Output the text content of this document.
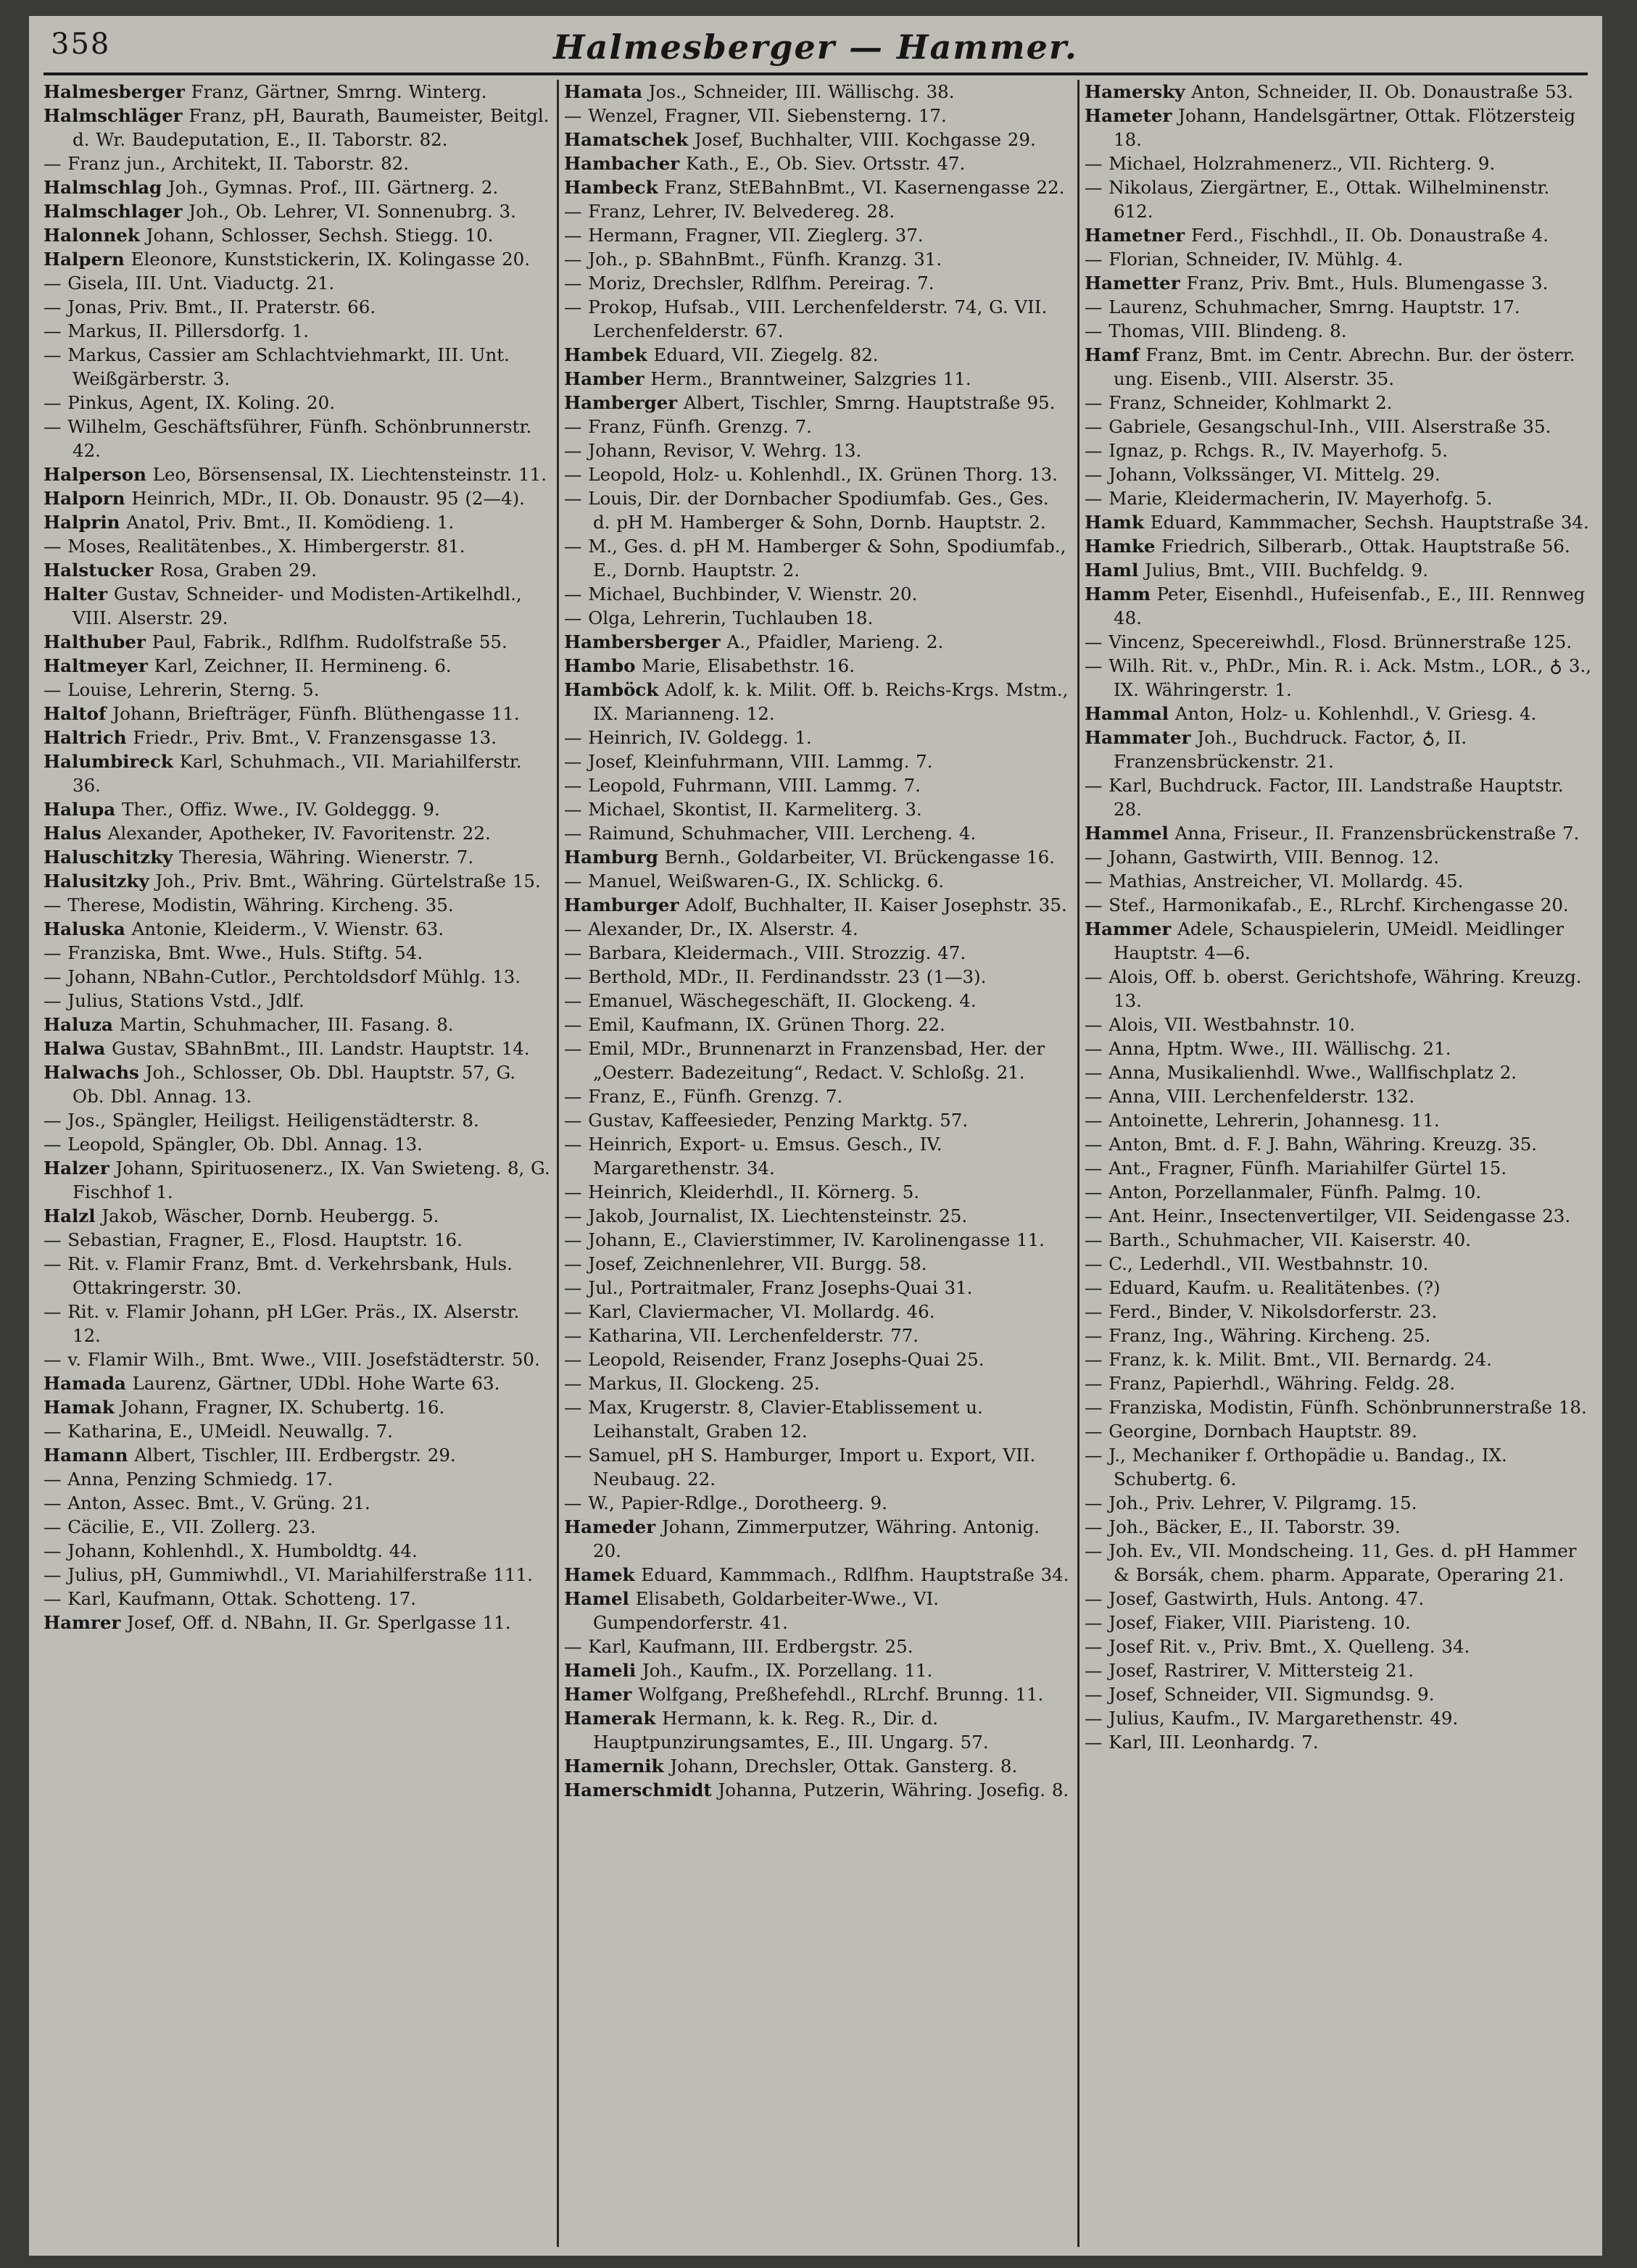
358	Halmesberger — Hammer.
Halmesberger Franz, Gärtner, Smrng. Winterg.
Halmschläger Franz, pH, Baurath, Baumeister, Beitgl. d. Wr. Baudeputation, E., II. Taborstr. 82.
— Franz jun., Architekt, II. Taborstr. 82.
Halmschlag Joh., Gymnas. Prof., III. Gärtnerg. 2.
Halmschlager Joh., Ob. Lehrer, VI. Sonnenubrg. 3.
Halonnek Johann, Schlosser, Sechsh. Stiegg. 10.
Halpern Eleonore, Kunststickerin, IX. Kolingasse 20.
— Gisela, III. Unt. Viaductg. 21.
— Jonas, Priv. Bmt., II. Praterstr. 66.
— Markus, II. Pillersdorfg. 1.
— Markus, Cassier am Schlachtviehmarkt, III. Unt. Weißgärberstr. 3.
— Pinkus, Agent, IX. Koling. 20.
— Wilhelm, Geschäftsführer, Fünfh. Schönbrunnerstr. 42.
Halperson Leo, Börsensensal, IX. Liechtensteinstr. 11.
Halporn Heinrich, MDr., II. Ob. Donaustr. 95 (2—4).
Halprin Anatol, Priv. Bmt., II. Komödieng. 1.
— Moses, Realitätenbes., X. Himbergerstr. 81.
Halstucker Rosa, Graben 29.
Halter Gustav, Schneider- und Modisten-Artikelhdl., VIII. Alserstr. 29.
Halthuber Paul, Fabrik., Rdlfhm. Rudolfstraße 55.
Haltmeyer Karl, Zeichner, II. Hermineng. 6.
— Louise, Lehrerin, Sterng. 5.
Haltof Johann, Briefträger, Fünfh. Blüthengasse 11.
Haltrich Friedr., Priv. Bmt., V. Franzensgasse 13.
Halumbireck Karl, Schuhmach., VII. Mariahilferstr. 36.
Halupa Ther., Offiz. Wwe., IV. Goldeggg. 9.
Halus Alexander, Apotheker, IV. Favoritenstr. 22.
Haluschitzky Theresia, Währing. Wienerstr. 7.
Halusitzky Joh., Priv. Bmt., Währing. Gürtelstraße 15.
— Therese, Modistin, Währing. Kircheng. 35.
Haluska Antonie, Kleiderm., V. Wienstr. 63.
— Franziska, Bmt. Wwe., Huls. Stiftg. 54.
— Johann, NBahn-Cutlor., Perchtoldsdorf Mühlg. 13.
— Julius, Stations Vstd., Jdlf.
Haluza Martin, Schuhmacher, III. Fasang. 8.
Halwa Gustav, SBahnBmt., III. Landstr. Hauptstr. 14.
Halwachs Joh., Schlosser, Ob. Dbl. Hauptstr. 57, G. Ob. Dbl. Annag. 13.
— Jos., Spängler, Heiligst. Heiligenstädterstr. 8.
— Leopold, Spängler, Ob. Dbl. Annag. 13.
Halzer Johann, Spirituosenerz., IX. Van Swieteng. 8, G. Fischhof 1.
Halzl Jakob, Wäscher, Dornb. Heubergg. 5.
— Sebastian, Fragner, E., Flosd. Hauptstr. 16.
— Rit. v. Flamir Franz, Bmt. d. Verkehrsbank, Huls. Ottakringerstr. 30.
— Rit. v. Flamir Johann, pH LGer. Präs., IX. Alserstr. 12.
— v. Flamir Wilh., Bmt. Wwe., VIII. Josefstädterstr. 50.
Hamada Laurenz, Gärtner, UDbl. Hohe Warte 63.
Hamak Johann, Fragner, IX. Schubertg. 16.
— Katharina, E., UMeidl. Neuwallg. 7.
Hamann Albert, Tischler, III. Erdbergstr. 29.
— Anna, Penzing Schmiedg. 17.
— Anton, Assec. Bmt., V. Grüng. 21.
— Cäcilie, E., VII. Zollerg. 23.
— Johann, Kohlenhdl., X. Humboldtg. 44.
— Julius, pH, Gummiwhdl., VI. Mariahilferstraße 111.
— Karl, Kaufmann, Ottak. Schotteng. 17.
Hamrer Josef, Off. d. NBahn, II. Gr. Sperlgasse 11.
Hamata Jos., Schneider, III. Wällischg. 38.
— Wenzel, Fragner, VII. Siebensterng. 17.
Hamatschek Josef, Buchhalter, VIII. Kochgasse 29.
Hambacher Kath., E., Ob. Siev. Ortsstr. 47.
Hambeck Franz, StEBahnBmt., VI. Kasernengasse 22.
— Franz, Lehrer, IV. Belvedereg. 28.
— Hermann, Fragner, VII. Zieglerg. 37.
— Joh., p. SBahnBmt., Fünfh. Kranzg. 31.
— Moriz, Drechsler, Rdlfhm. Pereirag. 7.
— Prokop, Hufsab., VIII. Lerchenfelderstr. 74, G. VII. Lerchenfelderstr. 67.
Hambek Eduard, VII. Ziegelg. 82.
Hamber Herm., Branntweiner, Salzgries 11.
Hamberger Albert, Tischler, Smrng. Hauptstraße 95.
— Franz, Fünfh. Grenzg. 7.
— Johann, Revisor, V. Wehrg. 13.
— Leopold, Holz- u. Kohlenhdl., IX. Grünen Thorg. 13.
— Louis, Dir. der Dornbacher Spodiumfab. Ges., Ges. d. pH M. Hamberger & Sohn, Dornb. Hauptstr. 2.
— M., Ges. d. pH M. Hamberger & Sohn, Spodiumfab., E., Dornb. Hauptstr. 2.
— Michael, Buchbinder, V. Wienstr. 20.
— Olga, Lehrerin, Tuchlauben 18.
Hambersberger A., Pfaidler, Marieng. 2.
Hambo Marie, Elisabethstr. 16.
Hamböck Adolf, k. k. Milit. Off. b. Reichs-Krgs. Mstm., IX. Marianneng. 12.
— Heinrich, IV. Goldegg. 1.
— Josef, Kleinfuhrmann, VIII. Lammg. 7.
— Leopold, Fuhrmann, VIII. Lammg. 7.
— Michael, Skontist, II. Karmeliterg. 3.
— Raimund, Schuhmacher, VIII. Lercheng. 4.
Hamburg Bernh., Goldarbeiter, VI. Brückengasse 16.
— Manuel, Weißwaren-G., IX. Schlickg. 6.
Hamburger Adolf, Buchhalter, II. Kaiser Josephstr. 35.
— Alexander, Dr., IX. Alserstr. 4.
— Barbara, Kleidermach., VIII. Strozzig. 47.
— Berthold, MDr., II. Ferdinandsstr. 23 (1—3).
— Emanuel, Wäschegeschäft, II. Glockeng. 4.
— Emil, Kaufmann, IX. Grünen Thorg. 22.
— Emil, MDr., Brunnenarzt in Franzensbad, Her. der „Oesterr. Badezeitung“, Redact. V. Schloßg. 21.
— Franz, E., Fünfh. Grenzg. 7.
— Gustav, Kaffeesieder, Penzing Marktg. 57.
— Heinrich, Export- u. Emsus. Gesch., IV. Margarethenstr. 34.
— Heinrich, Kleiderhdl., II. Körnerg. 5.
— Jakob, Journalist, IX. Liechtensteinstr. 25.
— Johann, E., Clavierstimmer, IV. Karolinengasse 11.
— Josef, Zeichnenlehrer, VII. Burgg. 58.
— Jul., Portraitmaler, Franz Josephs-Quai 31.
— Karl, Claviermacher, VI. Mollardg. 46.
— Katharina, VII. Lerchenfelderstr. 77.
— Leopold, Reisender, Franz Josephs-Quai 25.
— Markus, II. Glockeng. 25.
— Max, Krugerstr. 8, Clavier-Etablissement u. Leihanstalt, Graben 12.
— Samuel, pH S. Hamburger, Import u. Export, VII. Neubaug. 22.
— W., Papier-Rdlge., Dorotheerg. 9.
Hameder Johann, Zimmerputzer, Währing. Antonig. 20.
Hamek Eduard, Kammmach., Rdlfhm. Hauptstraße 34.
Hamel Elisabeth, Goldarbeiter-Wwe., VI. Gumpendorferstr. 41.
— Karl, Kaufmann, III. Erdbergstr. 25.
Hameli Joh., Kaufm., IX. Porzellang. 11.
Hamer Wolfgang, Preßhefehdl., RLrchf. Brunng. 11.
Hamerak Hermann, k. k. Reg. R., Dir. d. Hauptpunzirungsamtes, E., III. Ungarg. 57.
Hamernik Johann, Drechsler, Ottak. Gansterg. 8.
Hamerschmidt Johanna, Putzerin, Währing. Josefig. 8.
Hamersky Anton, Schneider, II. Ob. Donaustraße 53.
Hameter Johann, Handelsgärtner, Ottak. Flötzersteig 18.
— Michael, Holzrahmenerz., VII. Richterg. 9.
— Nikolaus, Ziergärtner, E., Ottak. Wilhelminenstr. 612.
Hametner Ferd., Fischhdl., II. Ob. Donaustraße 4.
— Florian, Schneider, IV. Mühlg. 4.
Hametter Franz, Priv. Bmt., Huls. Blumengasse 3.
— Laurenz, Schuhmacher, Smrng. Hauptstr. 17.
— Thomas, VIII. Blindeng. 8.
Hamf Franz, Bmt. im Centr. Abrechn. Bur. der österr. ung. Eisenb., VIII. Alserstr. 35.
— Franz, Schneider, Kohlmarkt 2.
— Gabriele, Gesangschul-Inh., VIII. Alserstraße 35.
— Ignaz, p. Rchgs. R., IV. Mayerhofg. 5.
— Johann, Volkssänger, VI. Mittelg. 29.
— Marie, Kleidermacherin, IV. Mayerhofg. 5.
Hamk Eduard, Kammmacher, Sechsh. Hauptstraße 34.
Hamke Friedrich, Silberarb., Ottak. Hauptstraße 56.
Haml Julius, Bmt., VIII. Buchfeldg. 9.
Hamm Peter, Eisenhdl., Hufeisenfab., E., III. Rennweg 48.
— Vincenz, Specereiwhdl., Flosd. Brünnerstraße 125.
— Wilh. Rit. v., PhDr., Min. R. i. Ack. Mstm., LOR., ♁ 3., IX. Währingerstr. 1.
Hammal Anton, Holz- u. Kohlenhdl., V. Griesg. 4.
Hammater Joh., Buchdruck. Factor, ♁, II. Franzensbrückenstr. 21.
— Karl, Buchdruck. Factor, III. Landstraße Hauptstr. 28.
Hammel Anna, Friseur., II. Franzensbrückenstraße 7.
— Johann, Gastwirth, VIII. Bennog. 12.
— Mathias, Anstreicher, VI. Mollardg. 45.
— Stef., Harmonikafab., E., RLrchf. Kirchengasse 20.
Hammer Adele, Schauspielerin, UMeidl. Meidlinger Hauptstr. 4—6.
— Alois, Off. b. oberst. Gerichtshofe, Währing. Kreuzg. 13.
— Alois, VII. Westbahnstr. 10.
— Anna, Hptm. Wwe., III. Wällischg. 21.
— Anna, Musikalienhdl. Wwe., Wallfischplatz 2.
— Anna, VIII. Lerchenfelderstr. 132.
— Antoinette, Lehrerin, Johannesg. 11.
— Anton, Bmt. d. F. J. Bahn, Währing. Kreuzg. 35.
— Ant., Fragner, Fünfh. Mariahilfer Gürtel 15.
— Anton, Porzellanmaler, Fünfh. Palmg. 10.
— Ant. Heinr., Insectenvertilger, VII. Seidengasse 23.
— Barth., Schuhmacher, VII. Kaiserstr. 40.
— C., Lederhdl., VII. Westbahnstr. 10.
— Eduard, Kaufm. u. Realitätenbes. (?)
— Ferd., Binder, V. Nikolsdorferstr. 23.
— Franz, Ing., Währing. Kircheng. 25.
— Franz, k. k. Milit. Bmt., VII. Bernardg. 24.
— Franz, Papierhdl., Währing. Feldg. 28.
— Franziska, Modistin, Fünfh. Schönbrunnerstraße 18.
— Georgine, Dornbach Hauptstr. 89.
— J., Mechaniker f. Orthopädie u. Bandag., IX. Schubertg. 6.
— Joh., Priv. Lehrer, V. Pilgramg. 15.
— Joh., Bäcker, E., II. Taborstr. 39.
— Joh. Ev., VII. Mondscheing. 11, Ges. d. pH Hammer & Borsák, chem. pharm. Apparate, Operaring 21.
— Josef, Gastwirth, Huls. Antong. 47.
— Josef, Fiaker, VIII. Piaristeng. 10.
— Josef Rit. v., Priv. Bmt., X. Quelleng. 34.
— Josef, Rastrirer, V. Mittersteig 21.
— Josef, Schneider, VII. Sigmundsg. 9.
— Julius, Kaufm., IV. Margarethenstr. 49.
— Karl, III. Leonhardg. 7.
